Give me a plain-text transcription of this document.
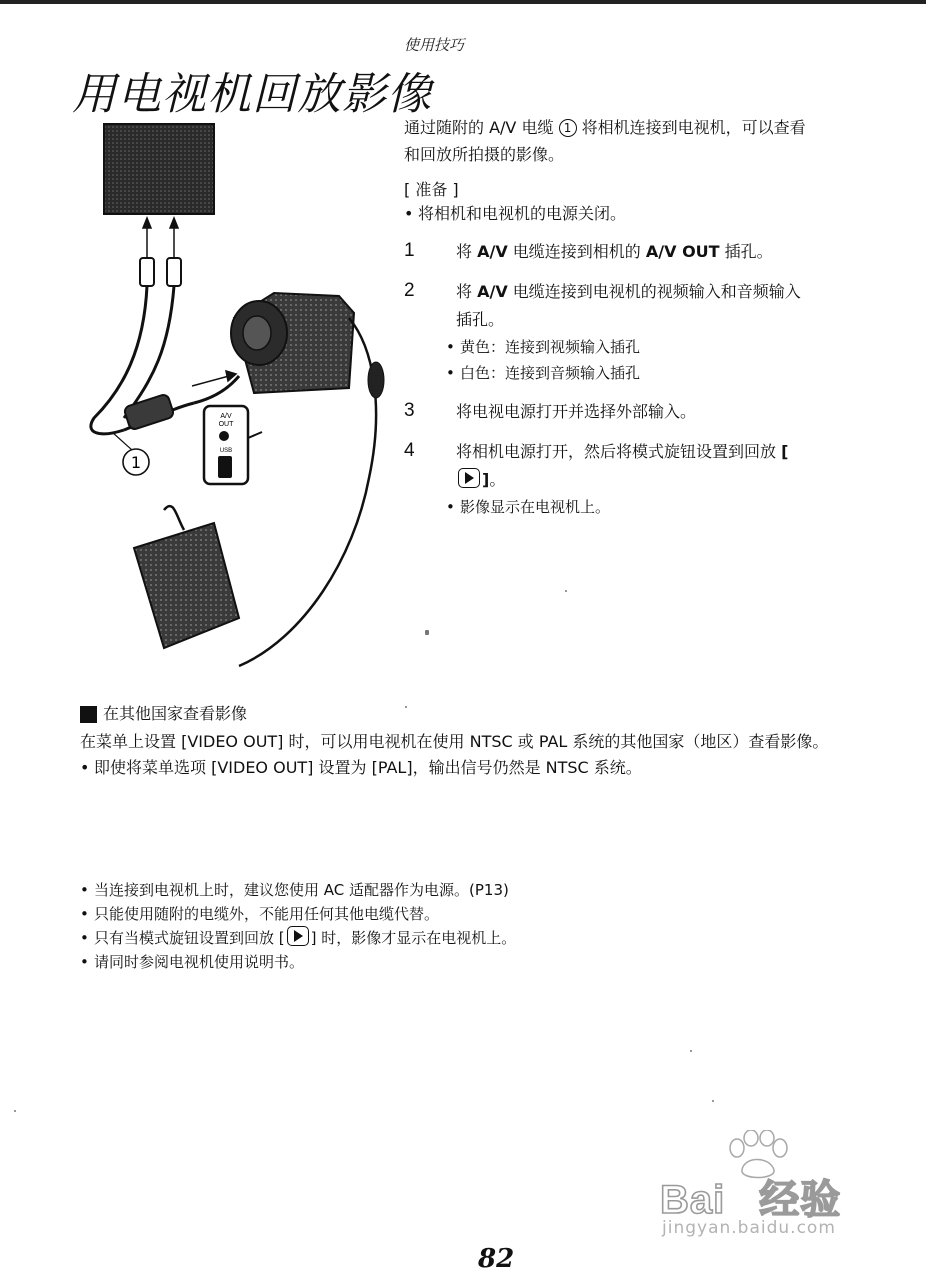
使用技巧
用电视机回放影像
A/V
OUT
USB
1

通过随附的 A/V 电缆 1 将相机连接到电视机，可以查看和回放所拍摄的影像。

[ 准备 ]
• 将相机和电视机的电源关闭。
1	将 A/V 电缆连接到相机的 A/V OUT 插孔。
2	将 A/V 电缆连接到电视机的视频输入和音频输入插孔。
• 黄色：连接到视频输入插孔
• 白色：连接到音频输入插孔
3	将电视电源打开并选择外部输入。
4	将相机电源打开，然后将模式旋钮设置到回放 []。
• 影像显示在电视机上。
在其他国家查看影像
在菜单上设置 [VIDEO OUT] 时，可以用电视机在使用 NTSC 或 PAL 系统的其他国家（地区）查看影像。
• 即使将菜单选项 [VIDEO OUT] 设置为 [PAL]，输出信号仍然是 NTSC 系统。
• 当连接到电视机上时，建议您使用 AC 适配器作为电源。(P13)
• 只能使用随附的电缆外，不能用任何其他电缆代替。
• 只有当模式旋钮设置到回放 [ ] 时，影像才显示在电视机上。
• 请同时参阅电视机使用说明书。
Bai 经验
jingyan.baidu.com
82
